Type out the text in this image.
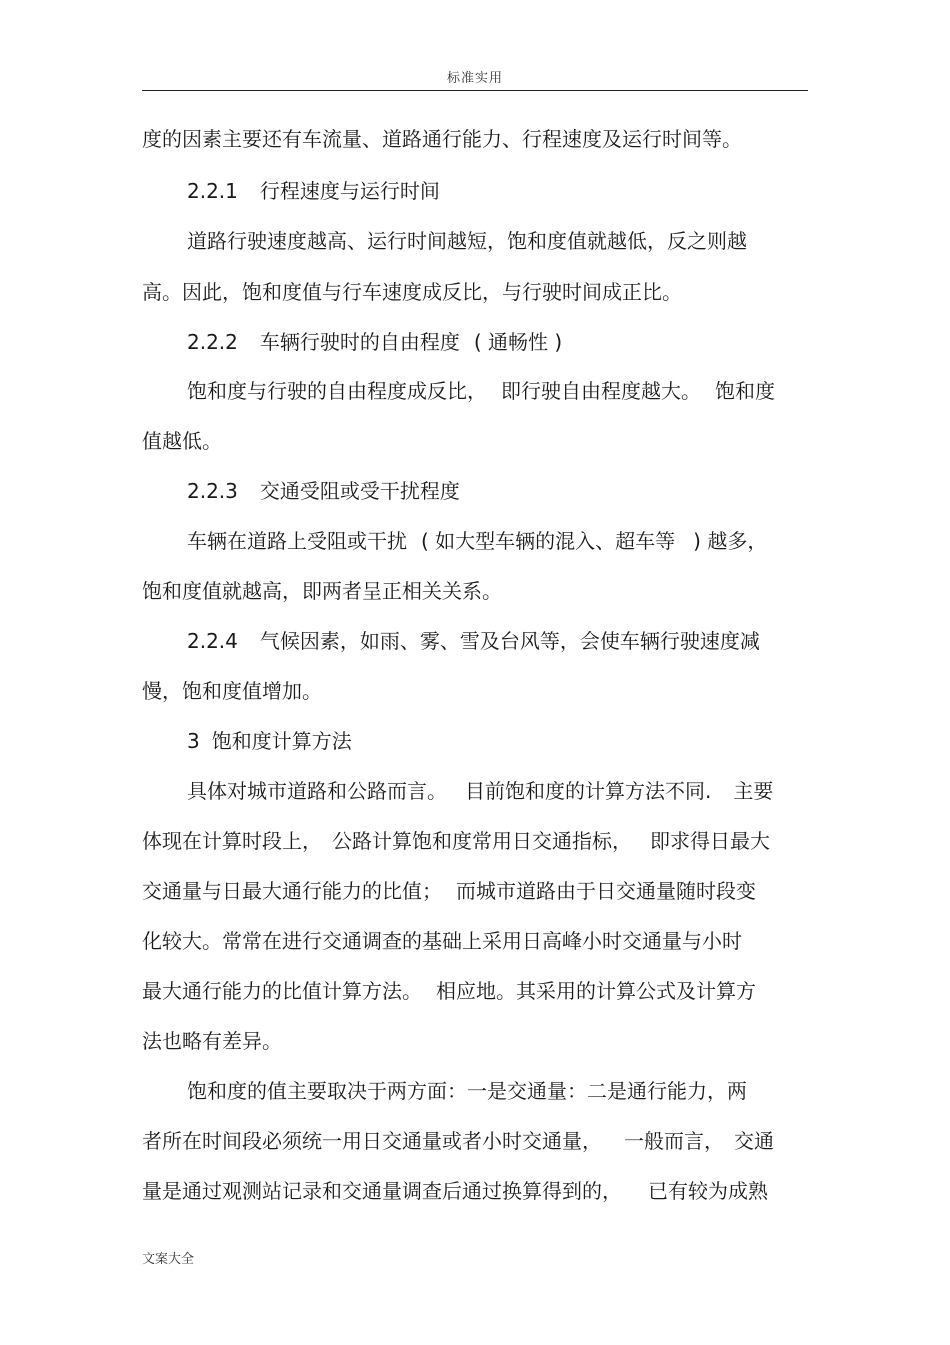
标准实用
度的因素主要还有车流量、道路通行能力、行程速度及运行时间等。
2.2.1 行程速度与运行时间
道路行驶速度越高、运行时间越短，饱和度值就越低，反之则越
高。因此，饱和度值与行车速度成反比，与行驶时间成正比。
2.2.2 车辆行驶时的自由程度 ( 通畅性 )
饱和度与行驶的自由程度成反比， 即行驶自由程度越大。 饱和度
值越低。
2.2.3 交通受阻或受干扰程度
车辆在道路上受阻或干扰 ( 如大型车辆的混入、超车等 ) 越多，
饱和度值就越高，即两者呈正相关关系。
2.2.4 气候因素，如雨、雾、雪及台风等，会使车辆行驶速度减
慢，饱和度值增加。
3 饱和度计算方法
具体对城市道路和公路而言。 目前饱和度的计算方法不同. 主要
体现在计算时段上， 公路计算饱和度常用日交通指标， 即求得日最大
交通量与日最大通行能力的比值； 而城市道路由于日交通量随时段变
化较大。常常在进行交通调查的基础上采用日高峰小时交通量与小时
最大通行能力的比值计算方法。 相应地。其采用的计算公式及计算方
法也略有差异。
饱和度的值主要取决于两方面：一是交通量：二是通行能力，两
者所在时间段必须统一用日交通量或者小时交通量， 一般而言， 交通
量是通过观测站记录和交通量调查后通过换算得到的， 已有较为成熟
文案大全
